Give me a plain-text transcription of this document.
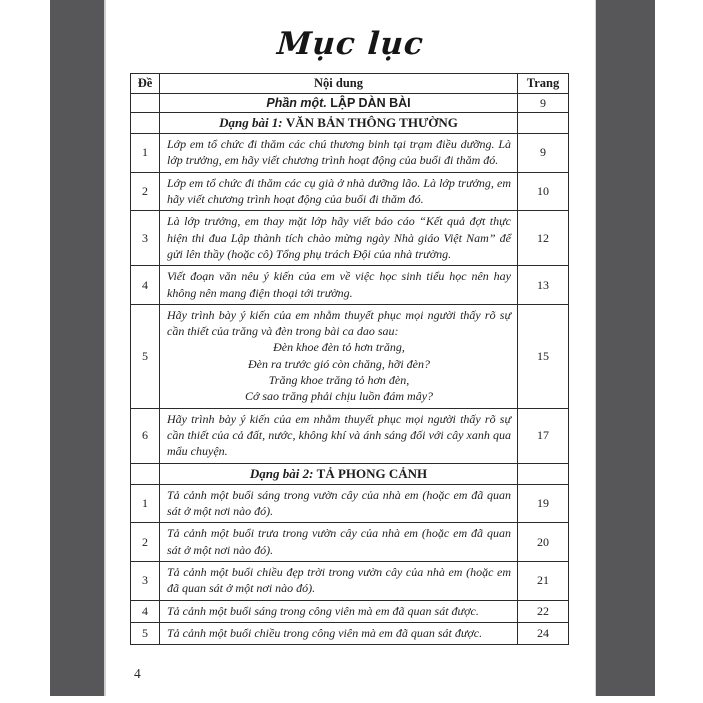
Mục lục
Đề	Nội dung	Trang
	Phần một. LẬP DÀN BÀI	9
	Dạng bài 1: VĂN BẢN THÔNG THƯỜNG	
1	Lớp em tổ chức đi thăm các chú thương binh tại trạm điều dưỡng. Là lớp trưởng, em hãy viết chương trình hoạt động của buổi đi thăm đó.	9
2	Lớp em tổ chức đi thăm các cụ già ở nhà dưỡng lão. Là lớp trưởng, em hãy viết chương trình hoạt động của buổi đi thăm đó.	10
3	Là lớp trưởng, em thay mặt lớp hãy viết báo cáo “Kết quả đợt thực hiện thi đua Lập thành tích chào mừng ngày Nhà giáo Việt Nam” để gửi lên thầy (hoặc cô) Tổng phụ trách Đội của nhà trường.	12
4	Viết đoạn văn nêu ý kiến của em về việc học sinh tiểu học nên hay không nên mang điện thoại tới trường.	13
5	Hãy trình bày ý kiến của em nhằm thuyết phục mọi người thấy rõ sự cần thiết của trăng và đèn trong bài ca dao sau:
Đèn khoe đèn tỏ hơn trăng,
Đèn ra trước gió còn chăng, hỡi đèn?
Trăng khoe trăng tỏ hơn đèn,
Cớ sao trăng phải chịu luồn đám mây?	15
6	Hãy trình bày ý kiến của em nhằm thuyết phục mọi người thấy rõ sự cần thiết của cả đất, nước, không khí và ánh sáng đối với cây xanh qua mẩu chuyện.	17
	Dạng bài 2: TẢ PHONG CẢNH	
1	Tả cảnh một buổi sáng trong vườn cây của nhà em (hoặc em đã quan sát ở một nơi nào đó).	19
2	Tả cảnh một buổi trưa trong vườn cây của nhà em (hoặc em đã quan sát ở một nơi nào đó).	20
3	Tả cảnh một buổi chiều đẹp trời trong vườn cây của nhà em (hoặc em đã quan sát ở một nơi nào đó).	21
4	Tả cảnh một buổi sáng trong công viên mà em đã quan sát được.	22
5	Tả cảnh một buổi chiều trong công viên mà em đã quan sát được.	24
4
